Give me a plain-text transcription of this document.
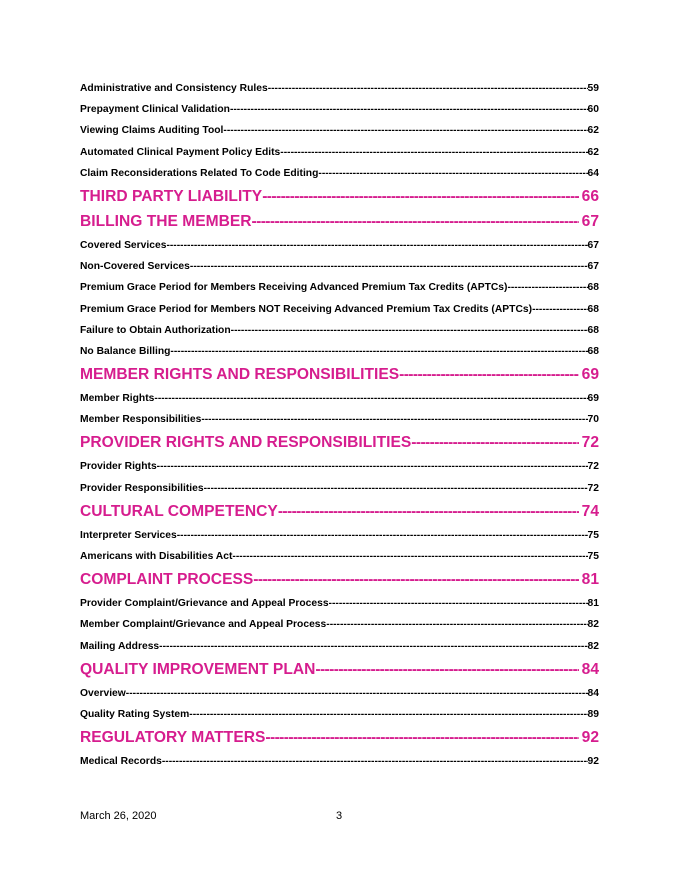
Administrative and Consistency Rules -----	59
Prepayment Clinical Validation -----	60
Viewing Claims Auditing Tool -----	62
Automated Clinical Payment Policy Edits -----	62
Claim Reconsiderations Related To Code Editing -----	64
THIRD PARTY LIABILITY -----	66
BILLING THE MEMBER -----	67
Covered Services -----	67
Non-Covered Services -----	67
Premium Grace Period for Members Receiving Advanced Premium Tax Credits (APTCs) -----	68
Premium Grace Period for Members NOT Receiving Advanced Premium Tax Credits (APTCs) -----	68
Failure to Obtain Authorization -----	68
No Balance Billing -----	68
MEMBER RIGHTS AND RESPONSIBILITIES -----	69
Member Rights -----	69
Member Responsibilities -----	70
PROVIDER RIGHTS AND RESPONSIBILITIES -----	72
Provider Rights -----	72
Provider Responsibilities -----	72
CULTURAL COMPETENCY -----	74
Interpreter Services -----	75
Americans with Disabilities Act -----	75
COMPLAINT PROCESS -----	81
Provider Complaint/Grievance and Appeal Process -----	81
Member Complaint/Grievance and Appeal Process -----	82
Mailing Address -----	82
QUALITY IMPROVEMENT PLAN -----	84
Overview -----	84
Quality Rating System -----	89
REGULATORY MATTERS -----	92
Medical Records -----	92
March 26, 2020	3
